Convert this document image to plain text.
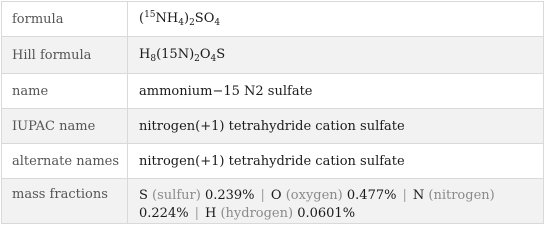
formula	$(^{15}NH_4)_2SO_4$
Hill formula	$H_8(15N)_2O_4S$
name	ammonium−15 N2 sulfate
IUPAC name	nitrogen(+1) tetrahydride cation sulfate
alternate names	nitrogen(+1) tetrahydride cation sulfate
mass fractions	S (sulfur) 0.239% | O (oxygen) 0.477% | N (nitrogen)
0.224% | H (hydrogen) 0.0601%
